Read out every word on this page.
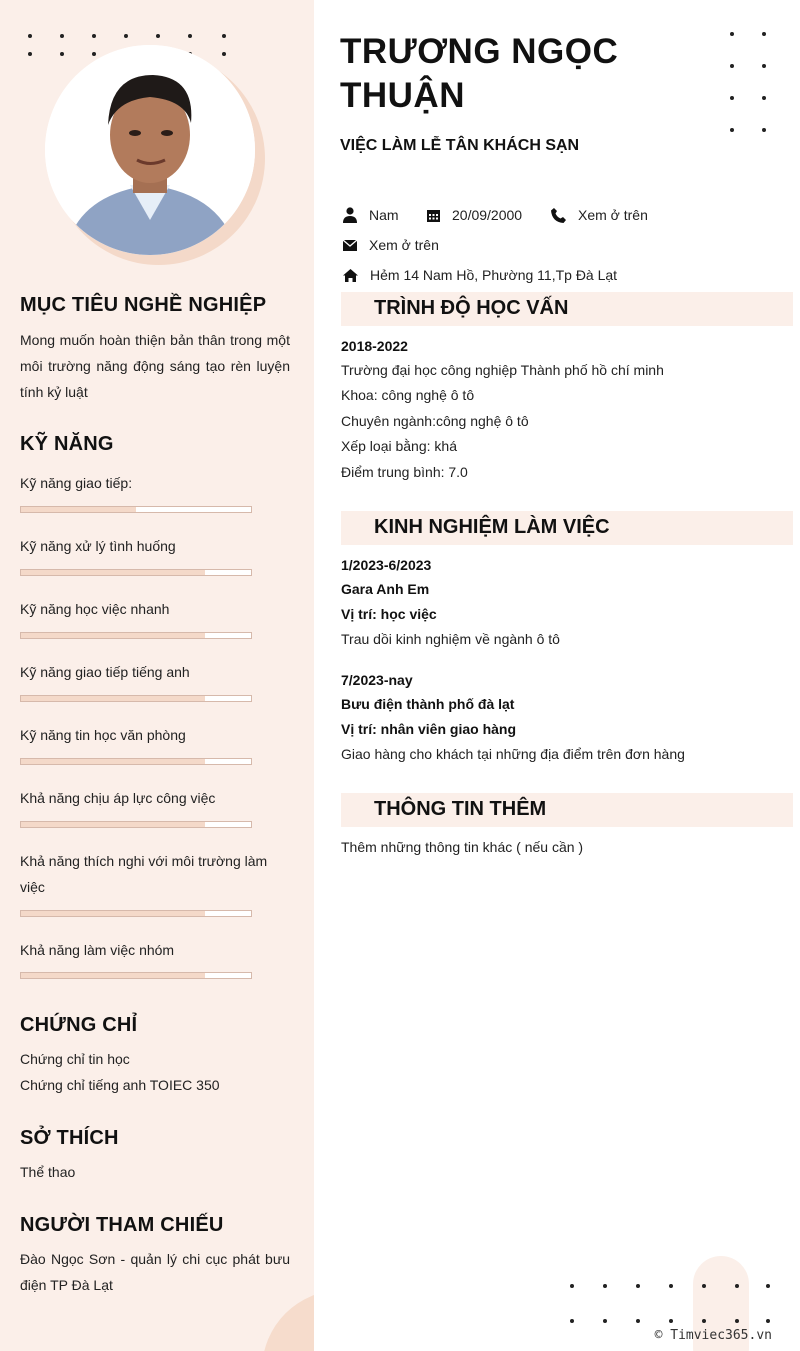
MỤC TIÊU NGHỀ NGHIỆP
Mong muốn hoàn thiện bản thân trong một môi trường năng động sáng tạo rèn luyện tính kỷ luật
KỸ NĂNG
Kỹ năng giao tiếp:
Kỹ năng xử lý tình huống
Kỹ năng học việc nhanh
Kỹ năng giao tiếp tiếng anh
Kỹ năng tin học văn phòng
Khả năng chịu áp lực công việc
Khả năng thích nghi với môi trường làm việc
Khả năng làm việc nhóm
CHỨNG CHỈ
Chứng chỉ tin học
Chứng chỉ tiếng anh TOIEC 350
SỞ THÍCH
Thể thao
NGƯỜI THAM CHIẾU
Đào Ngọc Sơn - quản lý chi cục phát bưu điện TP Đà Lạt
TRƯƠNG NGỌC THUẬN
VIỆC LÀM LỄ TÂN KHÁCH SẠN
Nam	20/09/2000	Xem ở trên
Xem ở trên
Hẻm 14 Nam Hồ, Phường 11,Tp Đà Lạt
TRÌNH ĐỘ HỌC VẤN
2018-2022
Trường đại học công nghiệp Thành phố hồ chí minh
Khoa: công nghệ ô tô
Chuyên ngành:công nghệ ô tô
Xếp loại bằng: khá
Điểm trung bình: 7.0
KINH NGHIỆM LÀM VIỆC
1/2023-6/2023
Gara Anh Em
Vị trí: học việc
Trau dồi kinh nghiệm về ngành ô tô
7/2023-nay
Bưu điện thành phố đà lạt
Vị trí: nhân viên giao hàng
Giao hàng cho khách tại những địa điểm trên đơn hàng
THÔNG TIN THÊM
Thêm những thông tin khác ( nếu cần )
© Timviec365.vn
